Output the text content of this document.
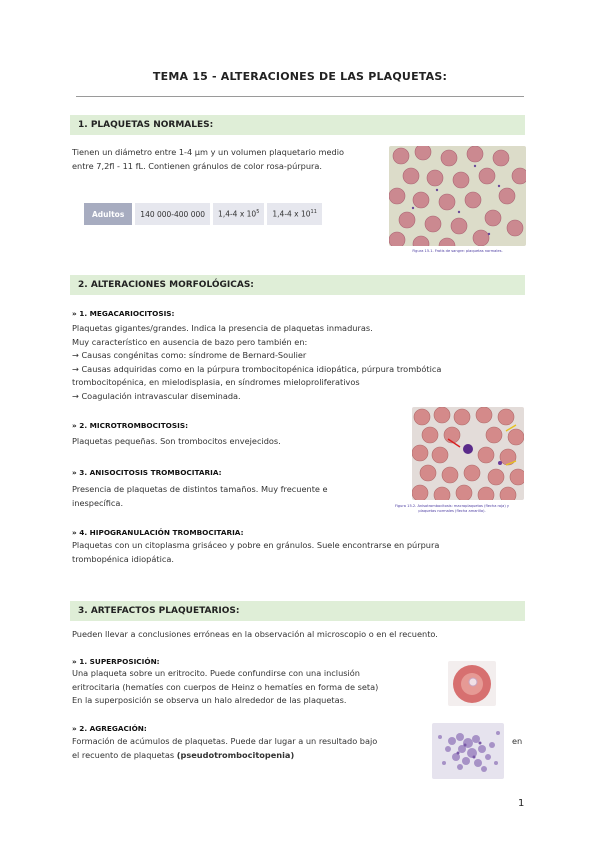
TEMA 15 - ALTERACIONES DE LAS PLAQUETAS:
1. PLAQUETAS NORMALES:
Tienen un diámetro entre 1-4 μm y un volumen plaquetario medio
entre 7,2fl - 11 fL. Contienen gránulos de color rosa-púrpura.
Adultos	140 000-400 000	1,4-4 x $10^5$	1,4-4 x $10^{11}$
Figura 15.1. Frotis de sangre: plaquetas normales.
2. ALTERACIONES MORFOLÓGICAS:
» 1. MEGACARIOCITOSIS:
Plaquetas gigantes/grandes. Indica la presencia de plaquetas inmaduras.
Muy característico en ausencia de bazo pero también en:
→ Causas congénitas como: síndrome de Bernard-Soulier
→ Causas adquiridas como en la púrpura trombocitopénica idiopática, púrpura trombótica
trombocitopénica, en mielodisplasia, en síndromes mieloproliferativos
→ Coagulación intravascular diseminada.
» 2. MICROTROMBOCITOSIS:
Plaquetas pequeñas. Son trombocitos envejecidos.
» 3. ANISOCITOSIS TROMBOCITARIA:
Presencia de plaquetas de distintos tamaños. Muy frecuente e
inespecífica.
» 4. HIPOGRANULACIÓN TROMBOCITARIA:
Plaquetas con un citoplasma grisáceo y pobre en gránulos. Suele encontrarse en púrpura
trombopénica idiopática.
Figura 15.2. Anisotrombocitosis: macroplaquetas (flecha roja) y
plaquetas normales (flecha amarilla).
3. ARTEFACTOS PLAQUETARIOS:
Pueden llevar a conclusiones erróneas en la observación al microscopio o en el recuento.
» 1. SUPERPOSICIÓN:
Una plaqueta sobre un eritrocito. Puede confundirse con una inclusión
eritrocitaria (hematíes con cuerpos de Heinz o hematíes en forma de seta)
En la superposición se observa un halo alrededor de las plaquetas.
» 2. AGREGACIÓN:
Formación de acúmulos de plaquetas. Puede dar lugar a un resultado bajo
el recuento de plaquetas (pseudotrombocitopenia)
en
1
